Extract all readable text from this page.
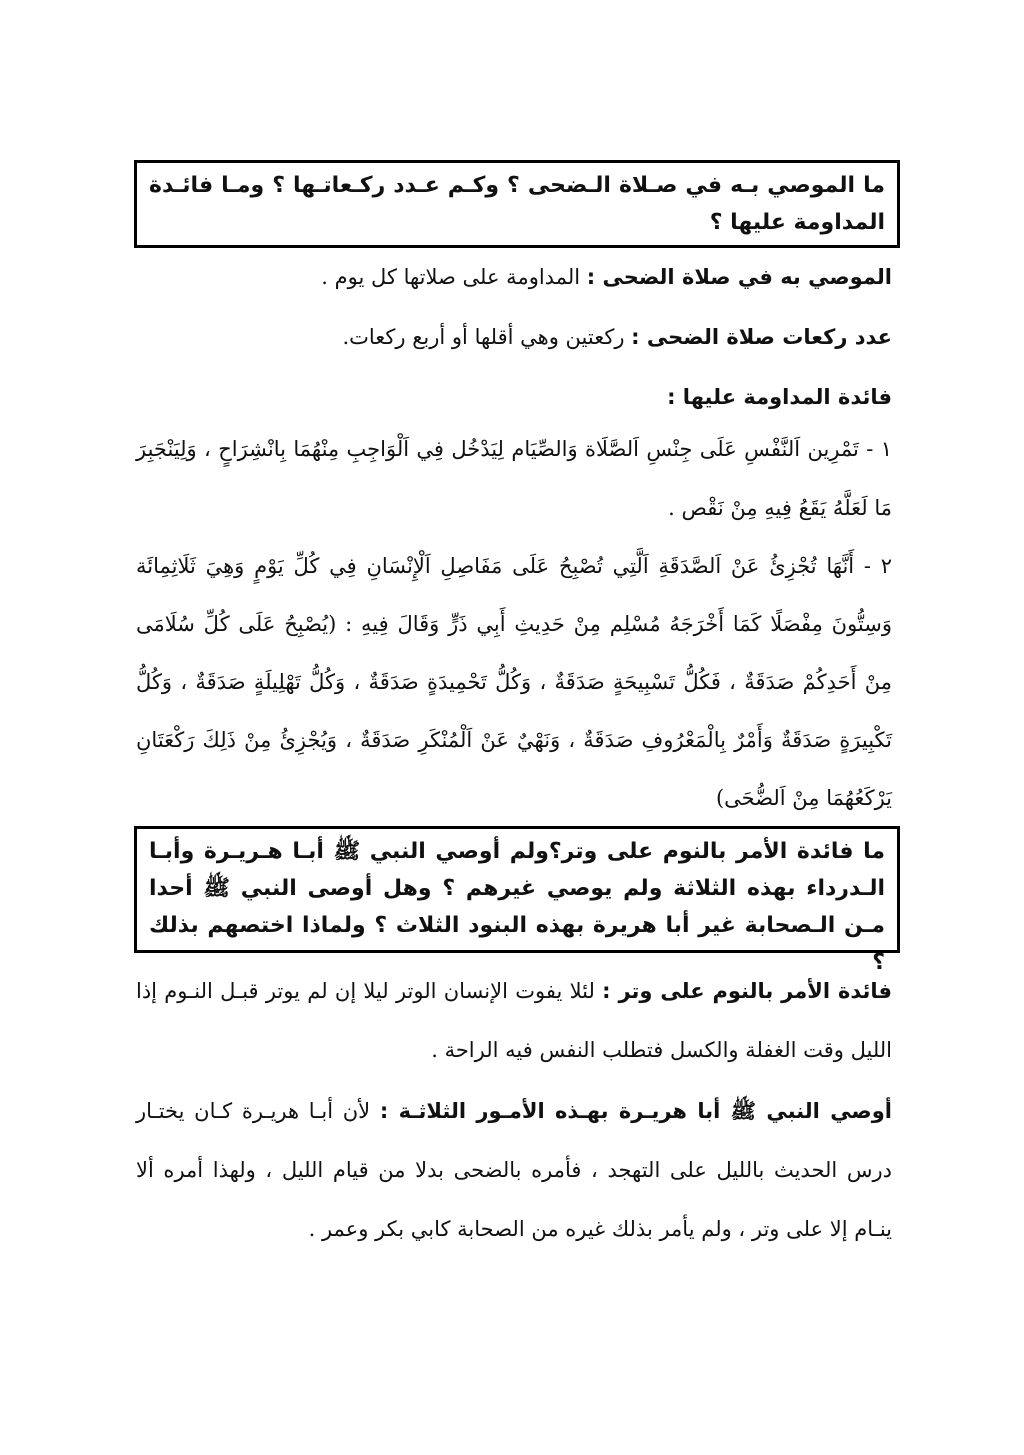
ما الموصي بـه في صـلاة الـضحى ؟ وكـم عـدد ركـعاتـها ؟ ومـا فائـدة المداومة عليها ؟
الموصي به في صلاة الضحى : المداومة على صلاتها كل يوم .
عدد ركعات صلاة الضحى : ركعتين وهي أقلها أو أربع ركعات.
فائدة المداومة عليها :
١ - تَمْرِين اَلنَّفْسِ عَلَى جِنْسِ اَلصَّلَاة وَالصِّيَام لِيَدْخُل فِي اَلْوَاجِبِ مِنْهُمَا بِانْشِرَاحٍ ، وَلِيَنْجَبِرَ مَا لَعَلَّهُ يَقَعُ فِيهِ مِنْ نَقْص .
٢ - أَنَّهَا تُجْزِئُ عَنْ اَلصَّدَقَةِ اَلَّتِي تُصْبِحُ عَلَى مَفَاصِلِ اَلْإِنْسَانِ فِي كُلِّ يَوْمٍ وَهِيَ ثَلَاثِمِائَة وَسِتُّونَ مِفْصَلًا كَمَا أَخْرَجَهُ مُسْلِم مِنْ حَدِيثِ أَبِي ذَرٍّ وَقَالَ فِيهِ : (يُصْبِحُ عَلَى كُلِّ سُلَامَى مِنْ أَحَدِكُمْ صَدَقَةٌ ، فَكُلُّ تَسْبِيحَةٍ صَدَقَةٌ ، وَكُلُّ تَحْمِيدَةٍ صَدَقَةٌ ، وَكُلُّ تَهْلِيلَةٍ صَدَقَةٌ ، وَكُلُّ تَكْبِيرَةٍ صَدَقَةٌ وَأَمْرٌ بِالْمَعْرُوفِ صَدَقَةٌ ، وَنَهْيٌ عَنْ اَلْمُنْكَرِ صَدَقَةٌ ، وَيُجْزِئُ مِنْ ذَلِكَ رَكْعَتَانِ يَرْكَعُهُمَا مِنْ اَلضُّحَى)
ما فائدة الأمر بالنوم على وتر؟ولم أوصي النبي ﷺ أبـا هـريـرة وأبـا الـدرداء بهذه الثلاثة ولم يوصي غيرهم ؟ وهل أوصى النبي ﷺ أحدا مـن الـصحابة غير أبا هريرة بهذه البنود الثلاث ؟ ولماذا اختصهم بذلك ؟
فائدة الأمر بالنوم على وتر : لئلا يفوت الإنسان الوتر ليلا إن لم يوتر قبـل النـوم إذا الليل وقت الغفلة والكسل فتطلب النفس فيه الراحة .
أوصي النبي ﷺ أبا هريـرة بهـذه الأمـور الثلاثـة : لأن أبـا هريـرة كـان يختـار درس الحديث بالليل على التهجد ، فأمره بالضحى بدلا من قيام الليل ، ولهذا أمره ألا ينـام إلا على وتر ، ولم يأمر بذلك غيره من الصحابة كابي بكر وعمر .
